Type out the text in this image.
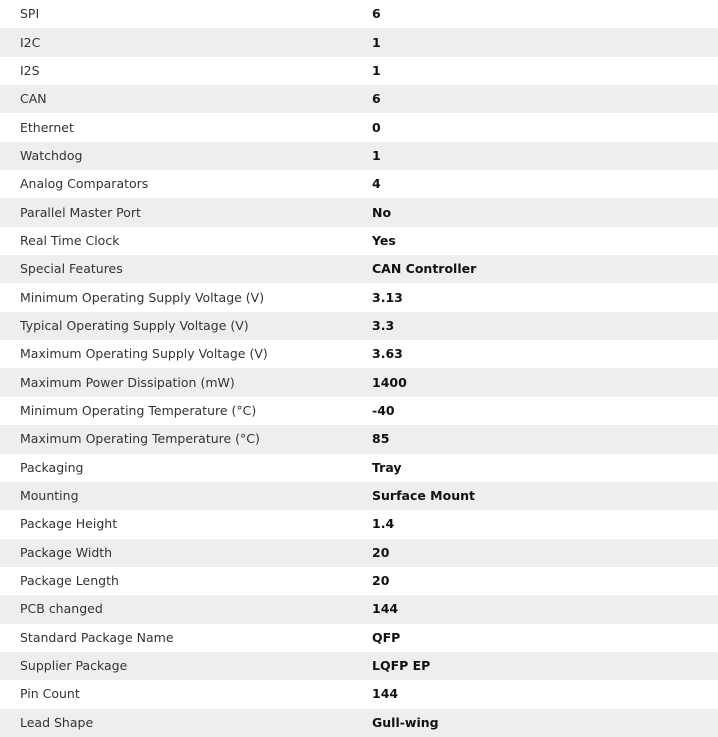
SPI	6
I2C	1
I2S	1
CAN	6
Ethernet	0
Watchdog	1
Analog Comparators	4
Parallel Master Port	No
Real Time Clock	Yes
Special Features	CAN Controller
Minimum Operating Supply Voltage (V)	3.13
Typical Operating Supply Voltage (V)	3.3
Maximum Operating Supply Voltage (V)	3.63
Maximum Power Dissipation (mW)	1400
Minimum Operating Temperature (°C)	-40
Maximum Operating Temperature (°C)	85
Packaging	Tray
Mounting	Surface Mount
Package Height	1.4
Package Width	20
Package Length	20
PCB changed	144
Standard Package Name	QFP
Supplier Package	LQFP EP
Pin Count	144
Lead Shape	Gull-wing
